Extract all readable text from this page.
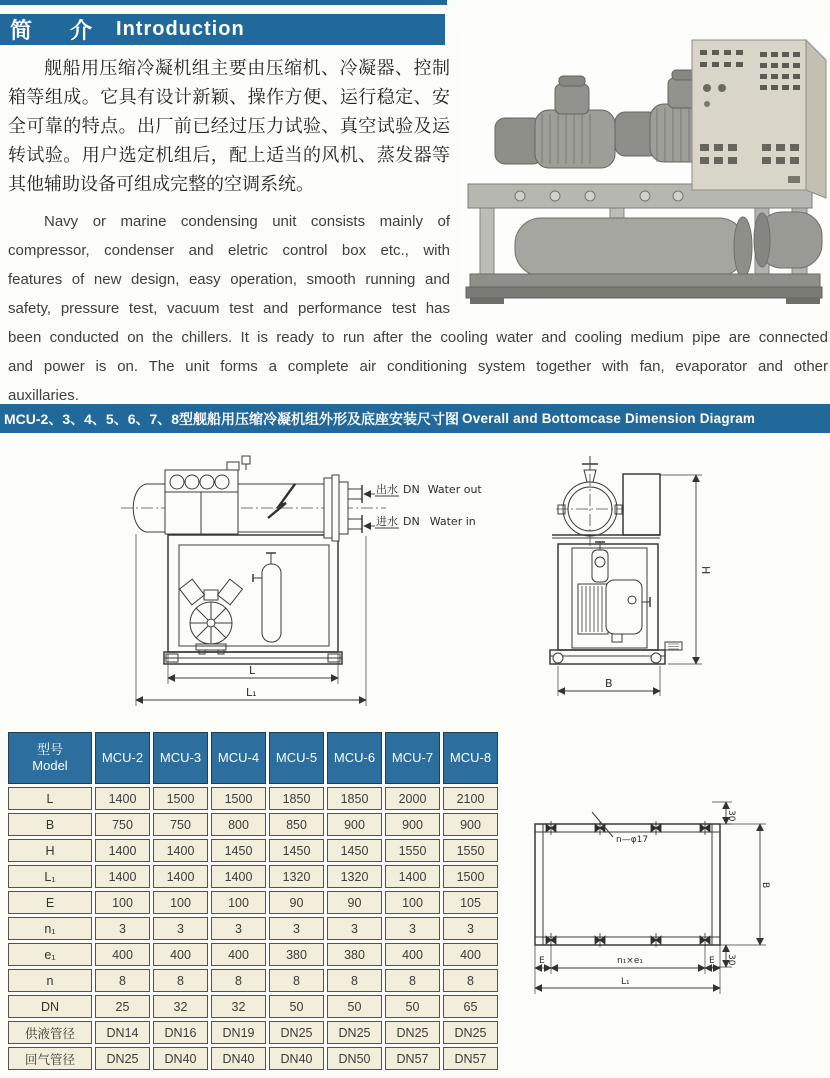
简　介 Introduction

舰船用压缩冷凝机组主要由压缩机、冷凝器、控制箱等组成。它具有设计新颖、操作方便、运行稳定、安全可靠的特点。出厂前已经过压力试验、真空试验及运转试验。用户选定机组后，配上适当的风机、蒸发器等其他辅助设备可组成完整的空调系统。

Navy or marine condensing unit consists mainly of compressor, condenser and eletric control box etc., with features of new design, easy operation, smooth running and safety, pressure test, vacuum test and performance test has been conducted on the chillers. It is ready to run after the cooling water and cooling medium pipe are connected and power is on. The unit forms a complete air conditioning system together with fan, evaporator and other auxillaries.

MCU-2、3、4、5、6、7、8型舰船用压缩冷凝机组外形及底座安装尺寸图 Overall and Bottomcase Dimension Diagram
出水 DN Water out
进水 DN Water in
L
L₁
H
B
n—φ17
30
B
30
E	n₁×e₁	E
L₁
型号
Model
MCU-2	MCU-3	MCU-4	MCU-5	MCU-6	MCU-7	MCU-8
L	1400	1500	1500	1850	1850	2000	2100
B	750	750	800	850	900	900	900
H	1400	1400	1450	1450	1450	1550	1550
L₁	1400	1400	1400	1320	1320	1400	1500
E	100	100	100	90	90	100	105
n₁	3	3	3	3	3	3	3
e₁	400	400	400	380	380	400	400
n	8	8	8	8	8	8	8
DN	25	32	32	50	50	50	65
供液管径	DN14	DN16	DN19	DN25	DN25	DN25	DN25
回气管径	DN25	DN40	DN40	DN40	DN50	DN57	DN57
